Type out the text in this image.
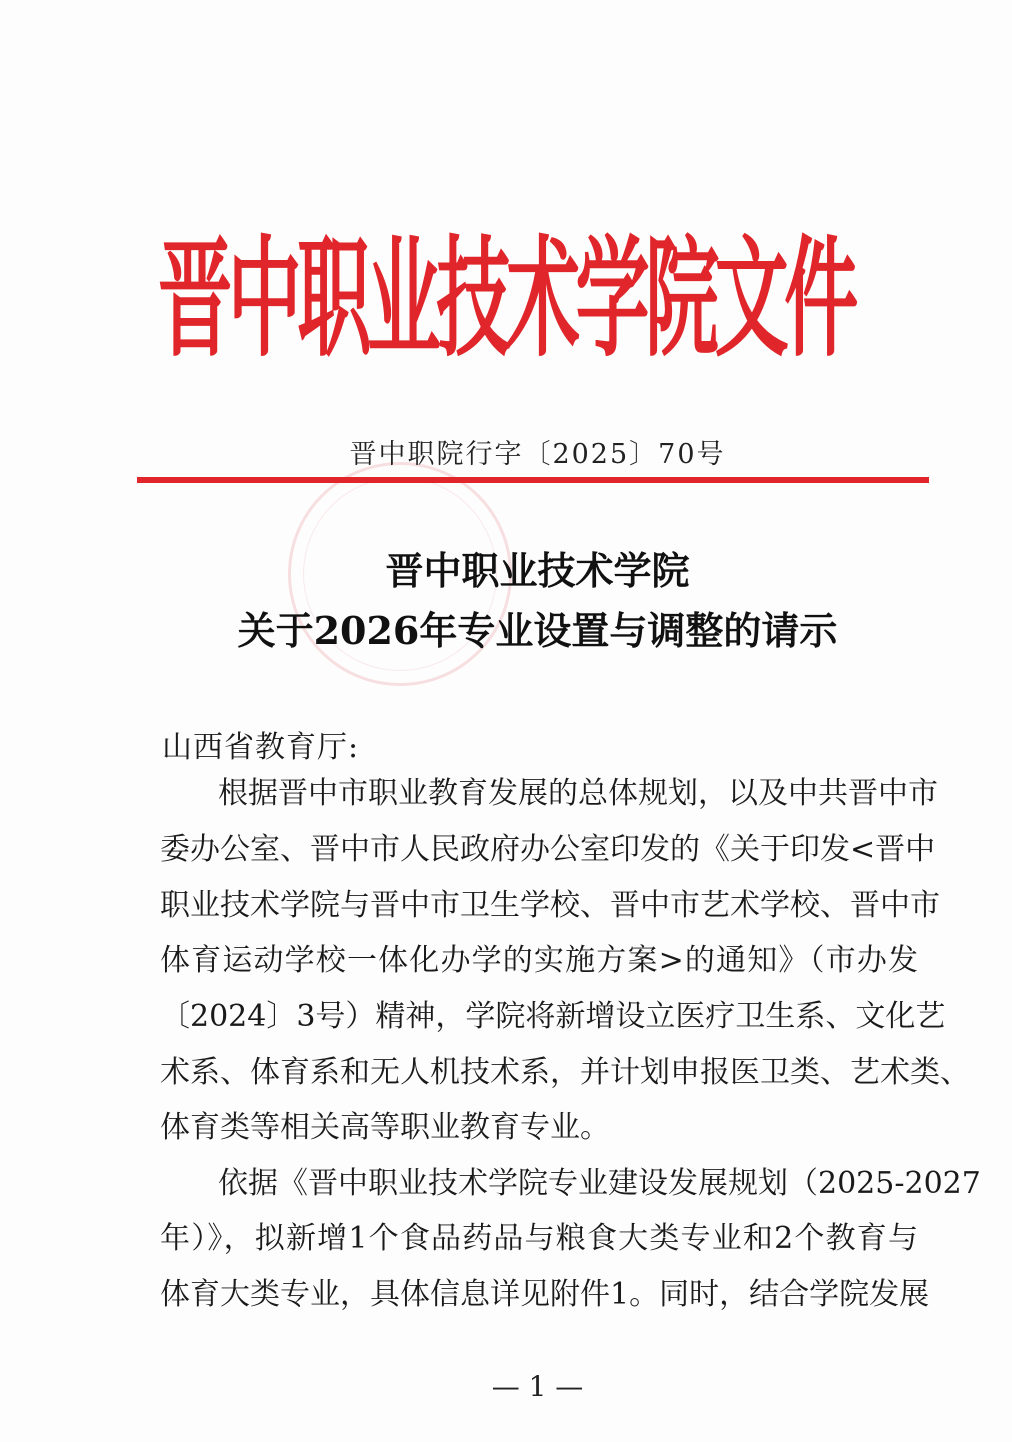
晋中职业技术学院文件
晋中职院行字〔2025〕70号
晋中职业技术学院
关于2026年专业设置与调整的请示
山西省教育厅:
根据晋中市职业教育发展的总体规划，以及中共晋中市
委办公室、晋中市人民政府办公室印发的《关于印发<晋中
职业技术学院与晋中市卫生学校、晋中市艺术学校、晋中市
体育运动学校一体化办学的实施方案>的通知》（市办发
〔2024〕3号）精神，学院将新增设立医疗卫生系、文化艺
术系、体育系和无人机技术系，并计划申报医卫类、艺术类、
体育类等相关高等职业教育专业。
依据《晋中职业技术学院专业建设发展规划（2025-2027
年）》，拟新增1个食品药品与粮食大类专业和2个教育与
体育大类专业，具体信息详见附件1。同时，结合学院发展
— 1 —
